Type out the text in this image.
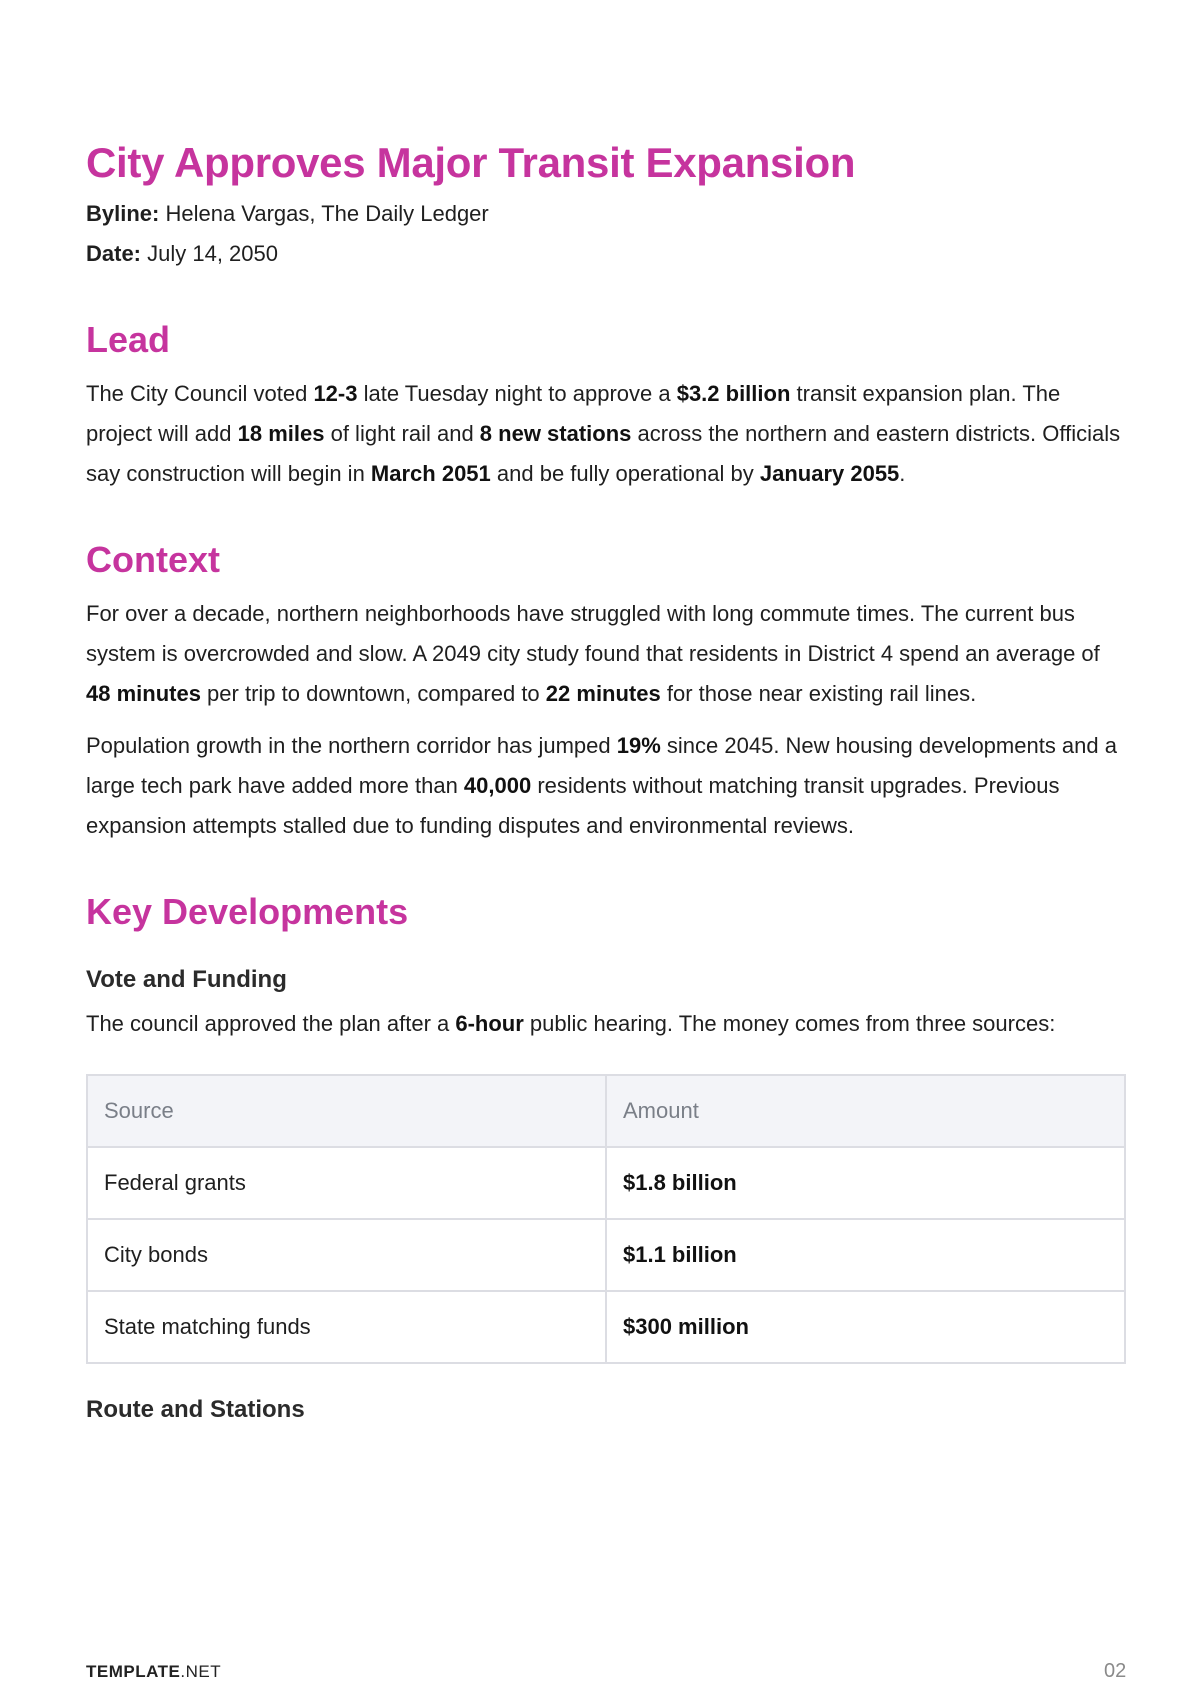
City Approves Major Transit Expansion
Byline: Helena Vargas, The Daily Ledger
Date: July 14, 2050
Lead

The City Council voted 12-3 late Tuesday night to approve a $3.2 billion transit expansion plan. The project will add 18 miles of light rail and 8 new stations across the northern and eastern districts. Officials say construction will begin in March 2051 and be fully operational by January 2055.

Context

For over a decade, northern neighborhoods have struggled with long commute times. The current bus system is overcrowded and slow. A 2049 city study found that residents in District 4 spend an average of 48 minutes per trip to downtown, compared to 22 minutes for those near existing rail lines.

Population growth in the northern corridor has jumped 19% since 2045. New housing developments and a large tech park have added more than 40,000 residents without matching transit upgrades. Previous expansion attempts stalled due to funding disputes and environmental reviews.

Key Developments
Vote and Funding

The council approved the plan after a 6-hour public hearing. The money comes from three sources:

Source	Amount
Federal grants	$1.8 billion
City bonds	$1.1 billion
State matching funds	$300 million
Route and Stations
TEMPLATE.NET	02
